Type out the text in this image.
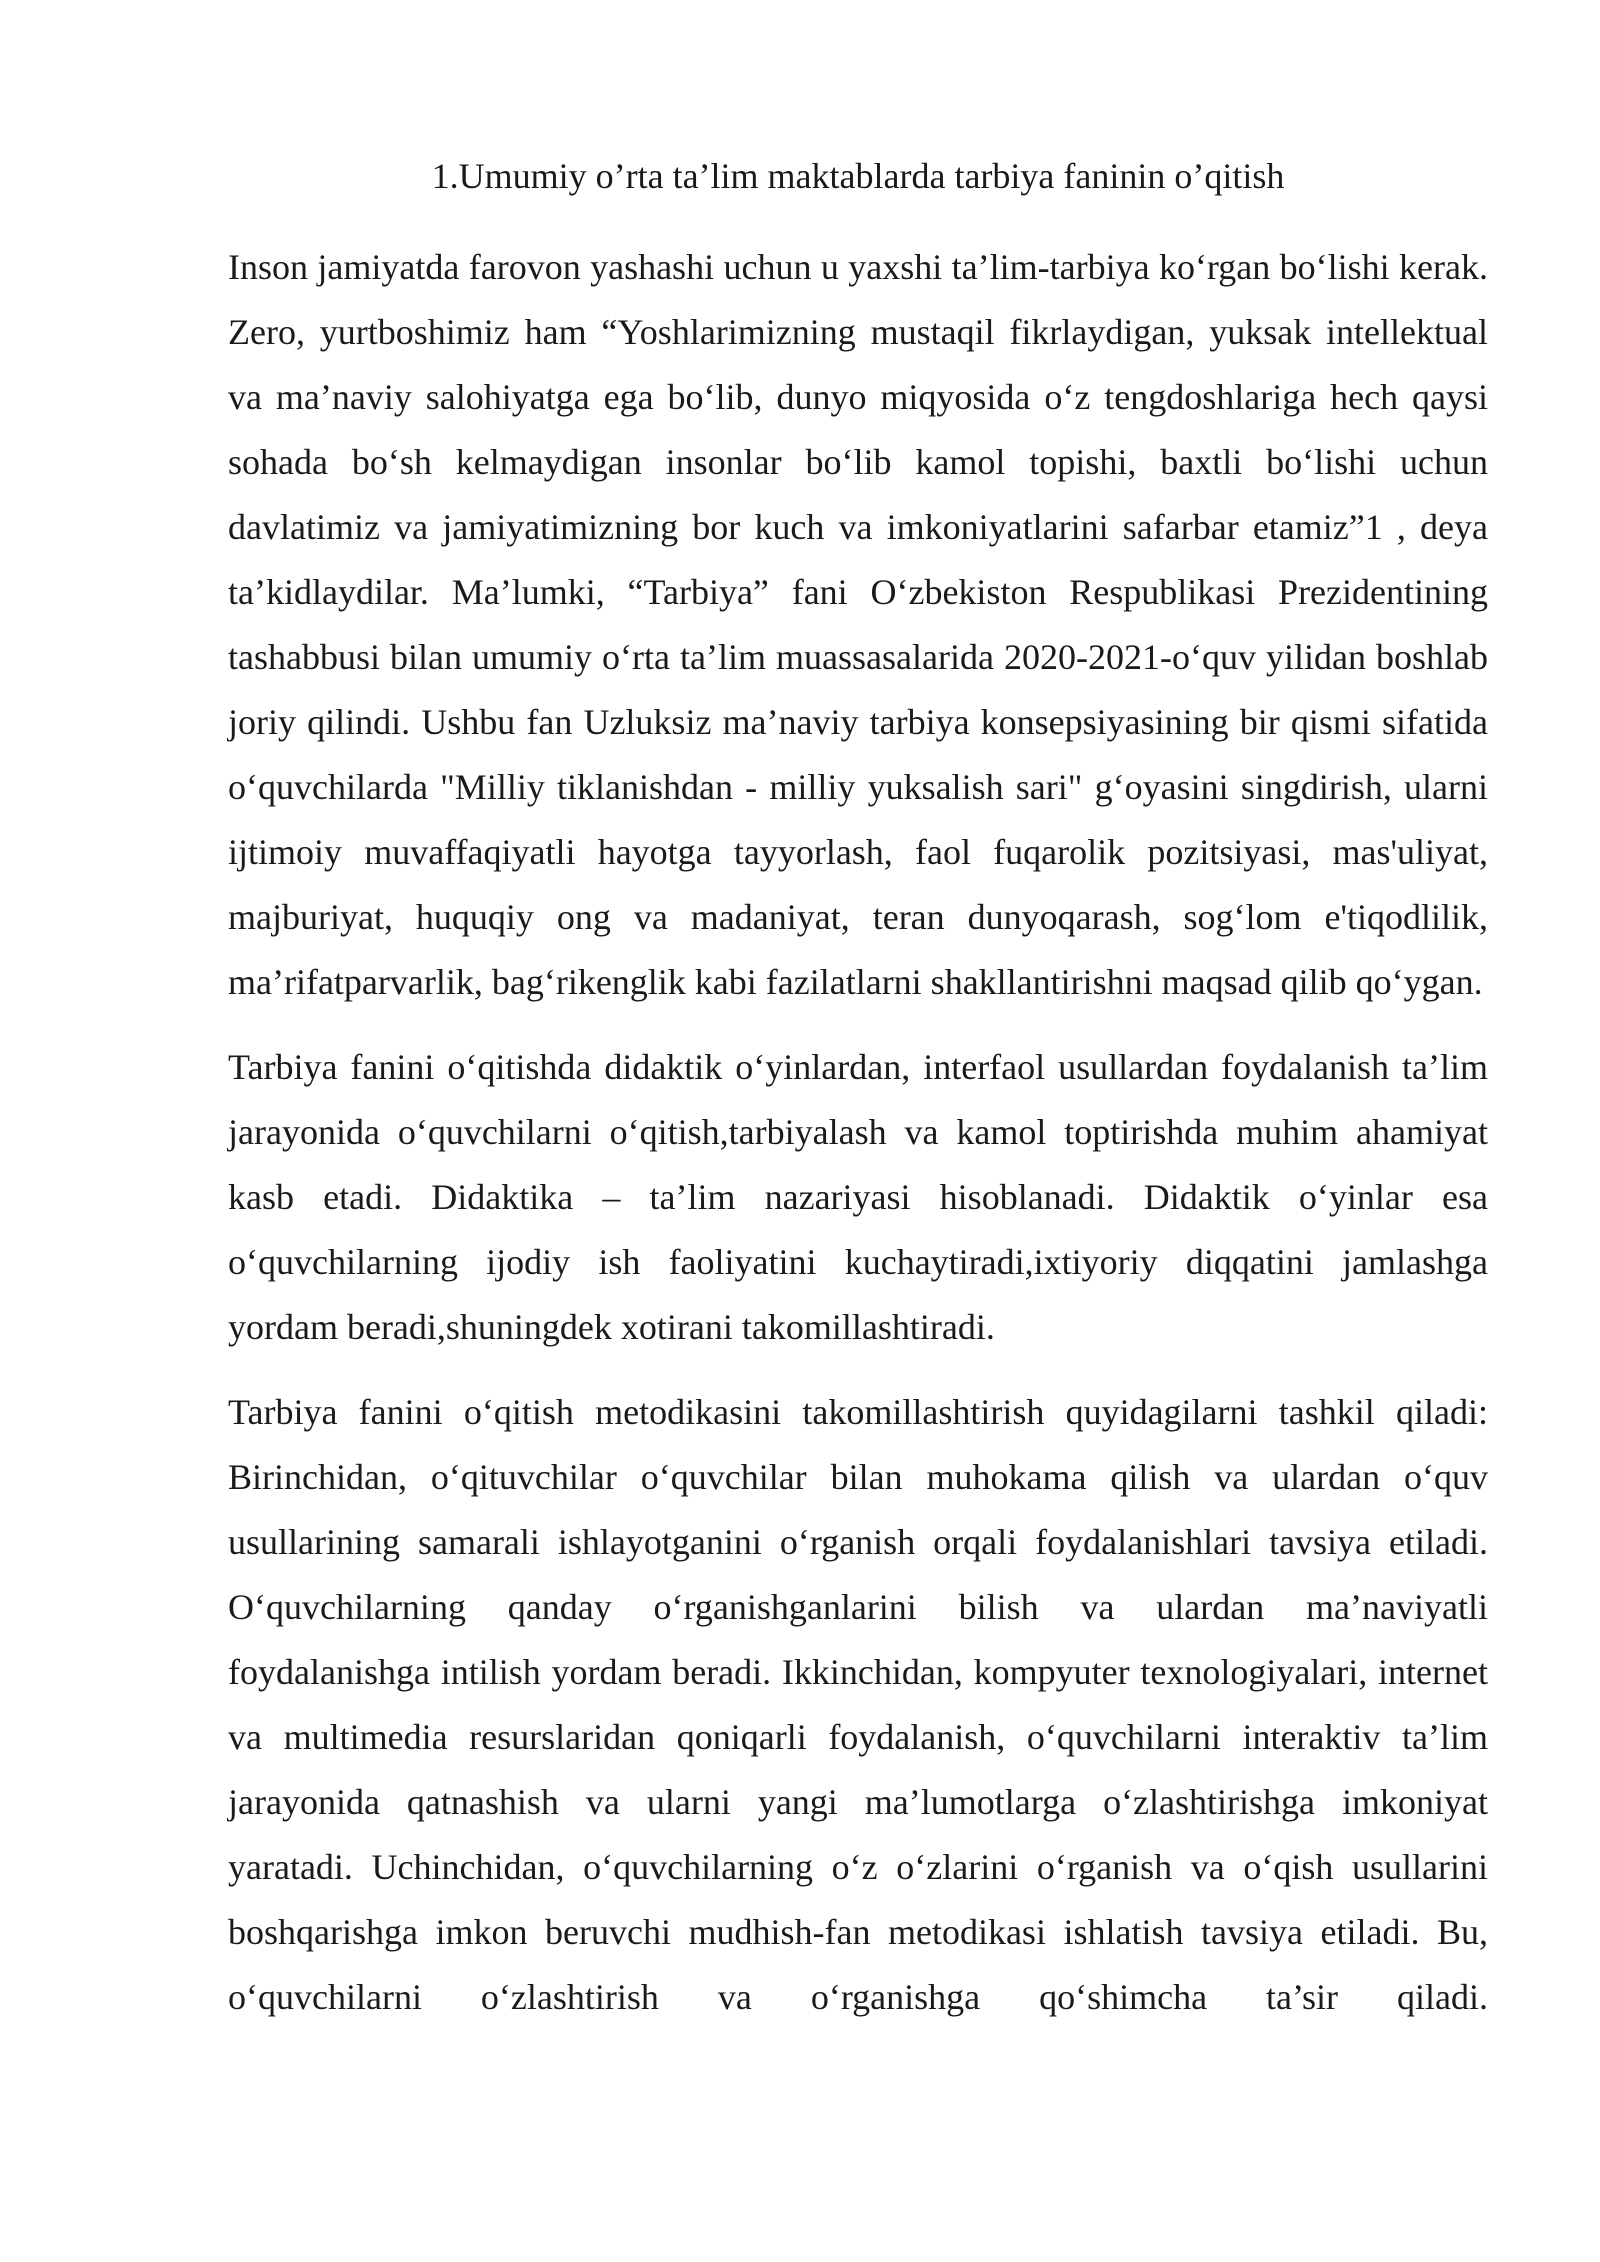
1.Umumiy o’rta ta’lim maktablarda tarbiya faninin o’qitish

Inson jamiyatda farovon yashashi uchun u yaxshi ta’lim-tarbiya ko‘rgan bo‘lishi kerak. Zero, yurtboshimiz ham “Yoshlarimizning mustaqil fikrlaydigan, yuksak intellektual va ma’naviy salohiyatga ega bo‘lib, dunyo miqyosida o‘z tengdoshlariga hech qaysi sohada bo‘sh kelmaydigan insonlar bo‘lib kamol topishi, baxtli bo‘lishi uchun davlatimiz va jamiyatimizning bor kuch va imkoniyatlarini safarbar etamiz”1 , deya ta’kidlaydilar. Ma’lumki, “Tarbiya” fani O‘zbekiston Respublikasi Prezidentining tashabbusi bilan umumiy o‘rta ta’lim muassasalarida 2020-2021-o‘quv yilidan boshlab joriy qilindi. Ushbu fan Uzluksiz ma’naviy tarbiya konsepsiyasining bir qismi sifatida o‘quvchilarda "Milliy tiklanishdan - milliy yuksalish sari" g‘oyasini singdirish, ularni ijtimoiy muvaffaqiyatli hayotga tayyorlash, faol fuqarolik pozitsiyasi, mas'uliyat, majburiyat, huquqiy ong va madaniyat, teran dunyoqarash, sog‘lom e'tiqodlilik, ma’rifatparvarlik, bag‘rikenglik kabi fazilatlarni shakllantirishni maqsad qilib qo‘ygan.

Tarbiya fanini o‘qitishda didaktik o‘yinlardan, interfaol usullardan foydalanish ta’lim jarayonida o‘quvchilarni o‘qitish,tarbiyalash va kamol toptirishda muhim ahamiyat kasb etadi. Didaktika – ta’lim nazariyasi hisoblanadi. Didaktik o‘yinlar esa o‘quvchilarning ijodiy ish faoliyatini kuchaytiradi,ixtiyoriy diqqatini jamlashga yordam beradi,shuningdek xotirani takomillashtiradi.

Tarbiya fanini o‘qitish metodikasini takomillashtirish quyidagilarni tashkil qiladi: Birinchidan, o‘qituvchilar o‘quvchilar bilan muhokama qilish va ulardan o‘quv usullarining samarali ishlayotganini o‘rganish orqali foydalanishlari tavsiya etiladi. O‘quvchilarning qanday o‘rganishganlarini bilish va ulardan ma’naviyatli foydalanishga intilish yordam beradi. Ikkinchidan, kompyuter texnologiyalari, internet va multimedia resurslaridan qoniqarli foydalanish, o‘quvchilarni interaktiv ta’lim jarayonida qatnashish va ularni yangi ma’lumotlarga o‘zlashtirishga imkoniyat yaratadi. Uchinchidan, o‘quvchilarning o‘z o‘zlarini o‘rganish va o‘qish usullarini boshqarishga imkon beruvchi mudhish-fan metodikasi ishlatish tavsiya etiladi. Bu, o‘quvchilarni o‘zlashtirish va o‘rganishga qo‘shimcha ta’sir qiladi.
